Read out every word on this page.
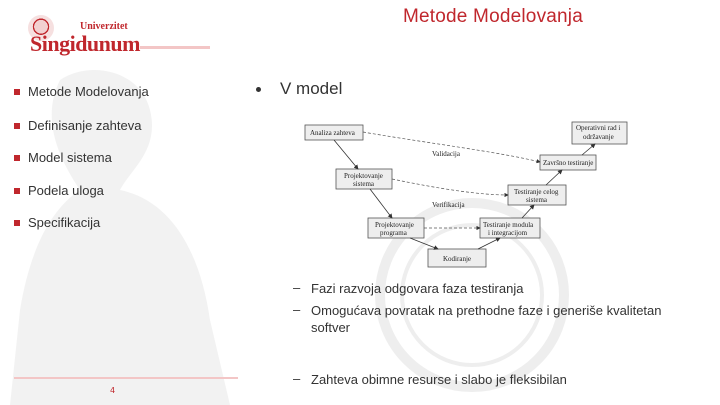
Metode Modelovanja
Univerzitet
Singidunum
Metode Modelovanja
Definisanje zahteva
Model sistema
Podela uloga
Specifikacija
4
V model
Analiza zahteva
Operativni rad i
održavanje
Završno testiranje
Projektovanje
sistema
Testiranje celog
sistema
Projektovanje
programa
Testiranje modula
i integracijom
Kodiranje
Validacija
Verifikacija
– Fazi razvoja odgovara faza testiranja
– Omogućava povratak na prethodne faze i generiše kvalitetan softver
– Zahteva obimne resurse i slabo je fleksibilan
